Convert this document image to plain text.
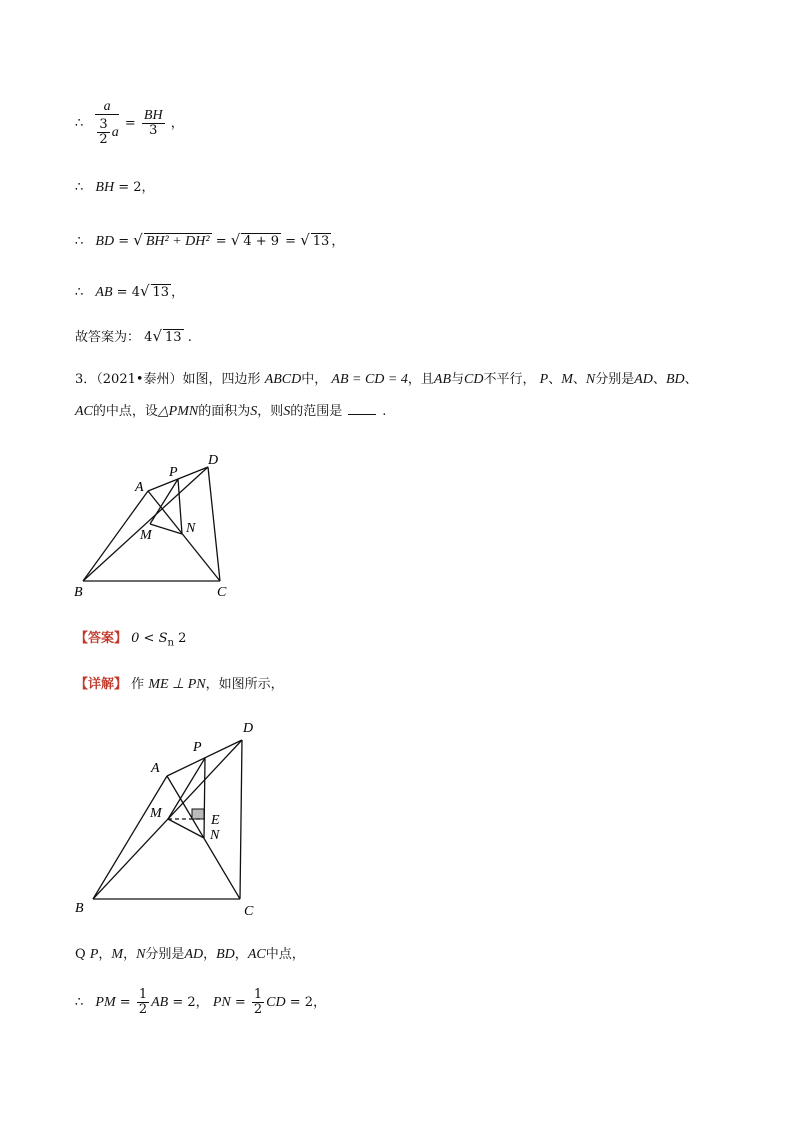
∴ $\frac{a}{\frac{3}{2} a} = \frac{BH}{3}$ ，
∴ BH = 2，
∴ BD = √ BH² + DH² = √ 4 + 9 = √ 13 ，
∴ AB = 4√ 13 ，
故答案为： 4√ 13 .
3．（2021•泰州）如图，四边形 ABCD中， AB = CD = 4，且AB与CD不平行， P、M、N分别是AD、BD、
AC的中点，设△PMN的面积为S，则S的范围是	.
A
B	C
D
P
M N
【答案】 $0 < S_n$ 2
【详解】 作 ME ⊥ PN，如图所示，
A
B	C
D
P
M
N
E
Q P，M，N分别是AD，BD，AC中点，
∴ PM = $\frac{1}{2}$ AB = 2， PN = $\frac{1}{2}$ CD = 2，
